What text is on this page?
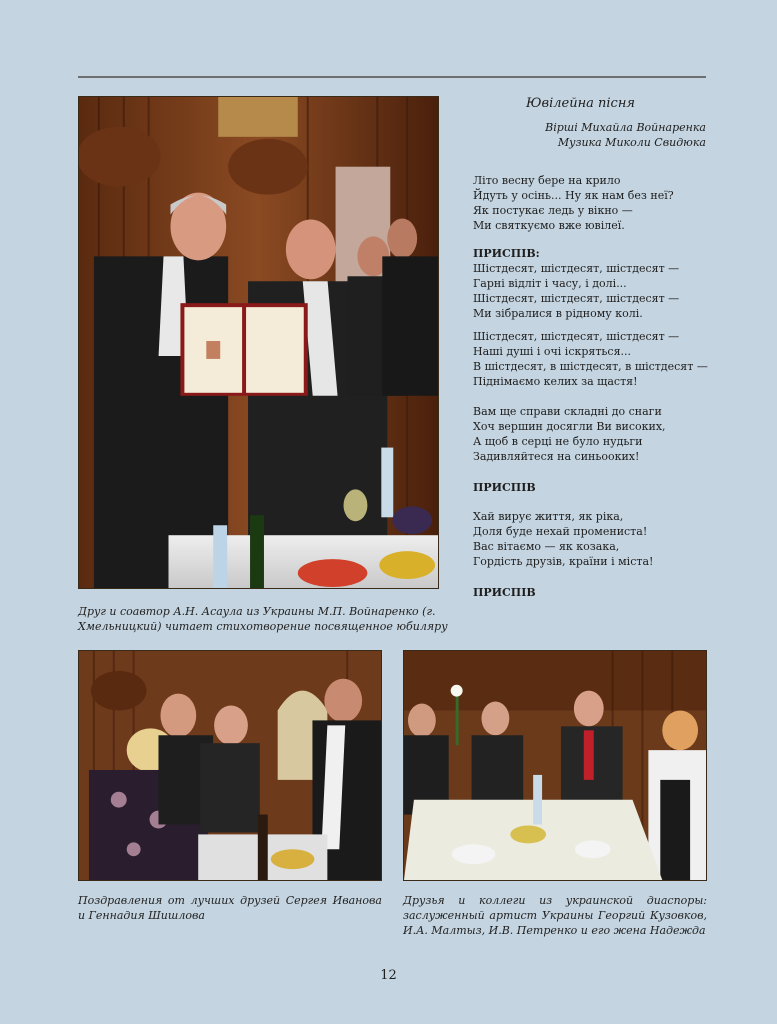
Друг и соавтор А.Н. Асаула из Украины М.П. Войнаренко (г. Хмельницкий) читает стихотворение посвященное юбиляру
Ювілейна пісня
Вірші Михайла Войнаренка
Музика Миколи Свидюка
Літо весну бере на крило
Йдуть у осінь... Ну як нам без неї?
Як постукає ледь у вікно —
Ми святкуємо вже ювілеї.
ПРИСПІВ:
Шістдесят, шістдесят, шістдесят —
Гарні відліт і часу, і долі...
Шістдесят, шістдесят, шістдесят —
Ми зібралися в рідному колі.
Шістдесят, шістдесят, шістдесят —
Наші душі і очі іскряться...
В шістдесят, в шістдесят, в шістдесят —
Піднімаємо келих за щастя!
Вам ще справи складні до снаги
Хоч вершин досягли Ви високих,
А щоб в серці не було нудьги
Задивляйтеся на синьооких!
ПРИСПІВ
Хай вирує життя, як ріка,
Доля буде нехай промениста!
Вас вітаємо — як козака,
Гордість друзів, країни і міста!
ПРИСПІВ
Поздравления от лучших друзей Сергея Иванова и Геннадия Шишлова
Друзья и коллеги из украинской диаспоры: заслуженный артист Украины Георгий Кузовков, И.А. Малтыз, И.В. Петренко и его жена Надежда
12
